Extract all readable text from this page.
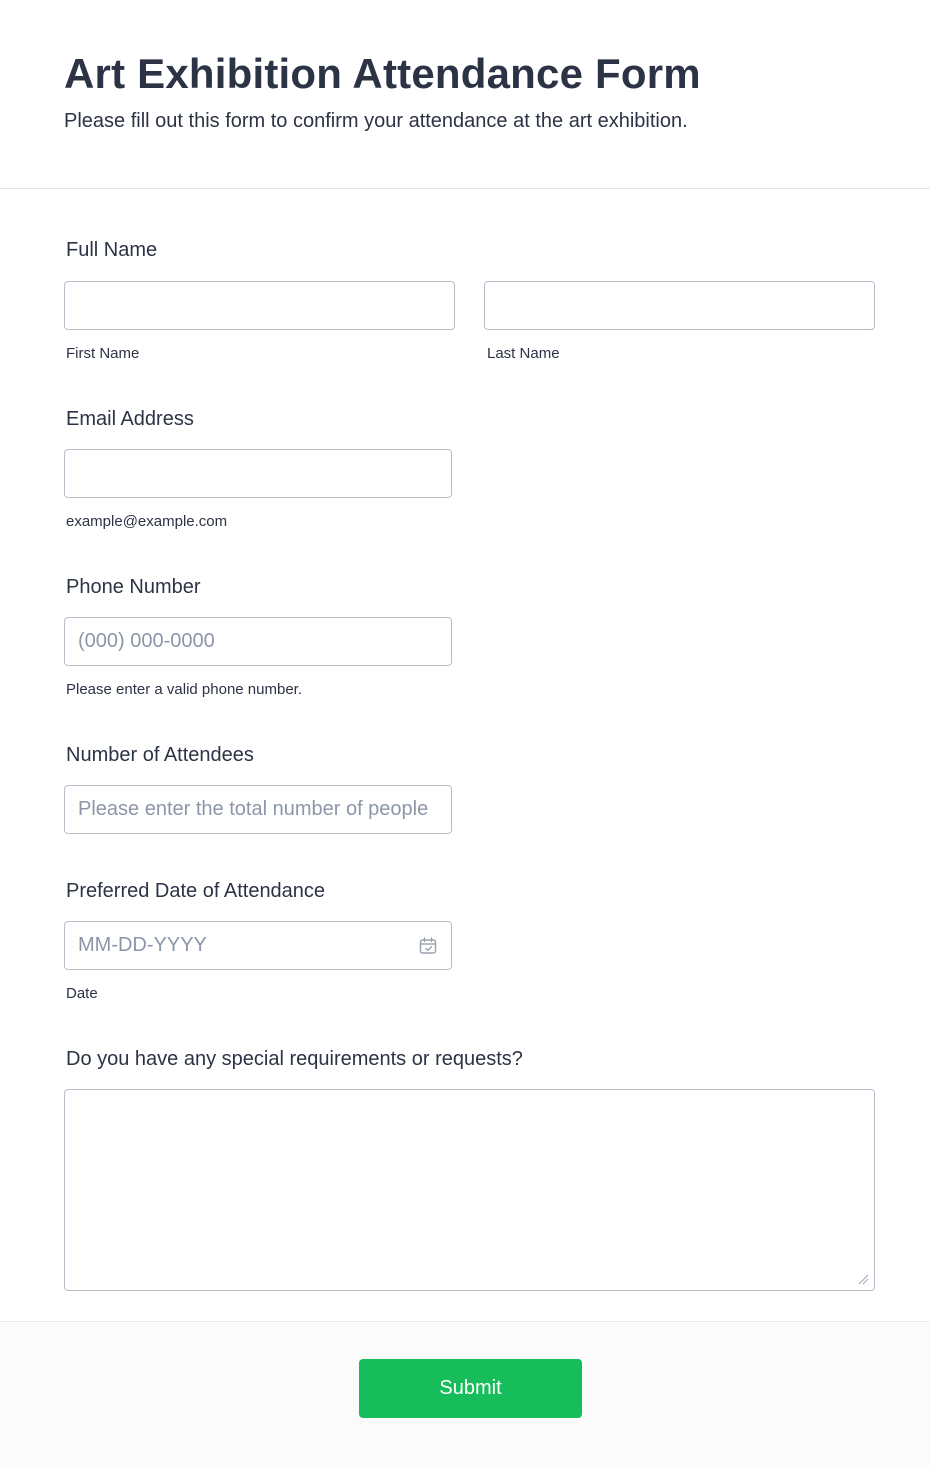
Art Exhibition Attendance Form

Please fill out this form to confirm your attendance at the art exhibition.

Full Name
First Name	Last Name
Email Address
example@example.com
Phone Number
(000) 000-0000
Please enter a valid phone number.
Number of Attendees
Please enter the total number of people
Preferred Date of Attendance
MM-DD-YYYY
Date
Do you have any special requirements or requests?
Submit
